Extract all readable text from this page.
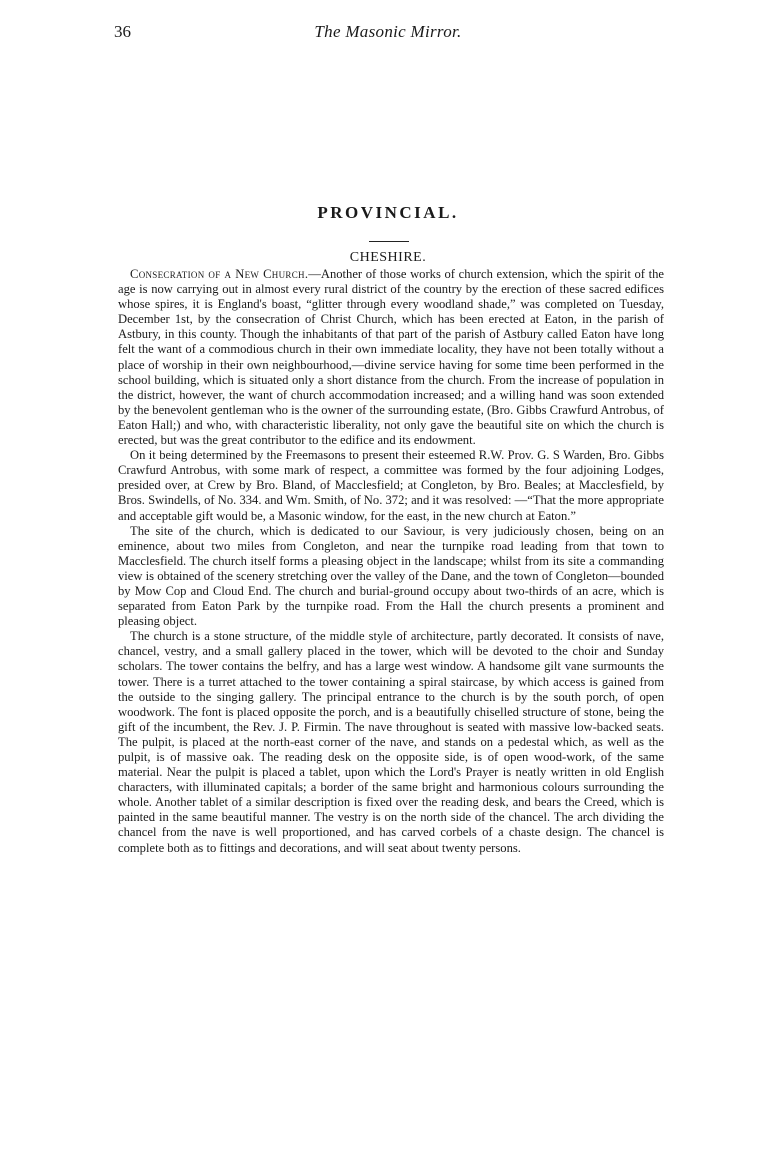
36	The Masonic Mirror.
PROVINCIAL.
CHESHIRE.

Consecration of a New Church.—Another of those works of church extension, which the spirit of the age is now carrying out in almost every rural district of the country by the erection of these sacred edifices whose spires, it is England's boast, “glitter through every woodland shade,” was completed on Tuesday, December 1st, by the consecration of Christ Church, which has been erected at Eaton, in the parish of Astbury, in this county. Though the inhabitants of that part of the parish of Astbury called Eaton have long felt the want of a commodious church in their own immediate locality, they have not been totally without a place of worship in their own neighbourhood,—divine service having for some time been performed in the school building, which is situated only a short distance from the church. From the increase of population in the district, however, the want of church accommodation increased; and a willing hand was soon extended by the benevolent gentleman who is the owner of the surrounding estate, (Bro. Gibbs Crawfurd Antrobus, of Eaton Hall;) and who, with characteristic liberality, not only gave the beautiful site on which the church is erected, but was the great contributor to the edifice and its endowment.

On it being determined by the Freemasons to present their esteemed R.W. Prov. G. S Warden, Bro. Gibbs Crawfurd Antrobus, with some mark of respect, a committee was formed by the four adjoining Lodges, presided over, at Crew by Bro. Bland, of Macclesfield; at Congleton, by Bro. Beales; at Macclesfield, by Bros. Swindells, of No. 334. and Wm. Smith, of No. 372; and it was resolved: —“That the more appropriate and acceptable gift would be, a Masonic window, for the east, in the new church at Eaton.”

The site of the church, which is dedicated to our Saviour, is very judiciously chosen, being on an eminence, about two miles from Congleton, and near the turnpike road leading from that town to Macclesfield. The church itself forms a pleasing object in the landscape; whilst from its site a commanding view is obtained of the scenery stretching over the valley of the Dane, and the town of Congleton—bounded by Mow Cop and Cloud End. The church and burial-ground occupy about two-thirds of an acre, which is separated from Eaton Park by the turnpike road. From the Hall the church presents a prominent and pleasing object.

The church is a stone structure, of the middle style of architecture, partly decorated. It consists of nave, chancel, vestry, and a small gallery placed in the tower, which will be devoted to the choir and Sunday scholars. The tower contains the belfry, and has a large west window. A handsome gilt vane surmounts the tower. There is a turret attached to the tower containing a spiral staircase, by which access is gained from the outside to the singing gallery. The principal entrance to the church is by the south porch, of open woodwork. The font is placed opposite the porch, and is a beautifully chiselled structure of stone, being the gift of the incumbent, the Rev. J. P. Firmin. The nave throughout is seated with massive low-backed seats. The pulpit, is placed at the north-east corner of the nave, and stands on a pedestal which, as well as the pulpit, is of massive oak. The reading desk on the opposite side, is of open wood-work, of the same material. Near the pulpit is placed a tablet, upon which the Lord's Prayer is neatly written in old English characters, with illuminated capitals; a border of the same bright and harmonious colours surrounding the whole. Another tablet of a similar description is fixed over the reading desk, and bears the Creed, which is painted in the same beautiful manner. The vestry is on the north side of the chancel. The arch dividing the chancel from the nave is well proportioned, and has carved corbels of a chaste design. The chancel is complete both as to fittings and decorations, and will seat about twenty persons.
